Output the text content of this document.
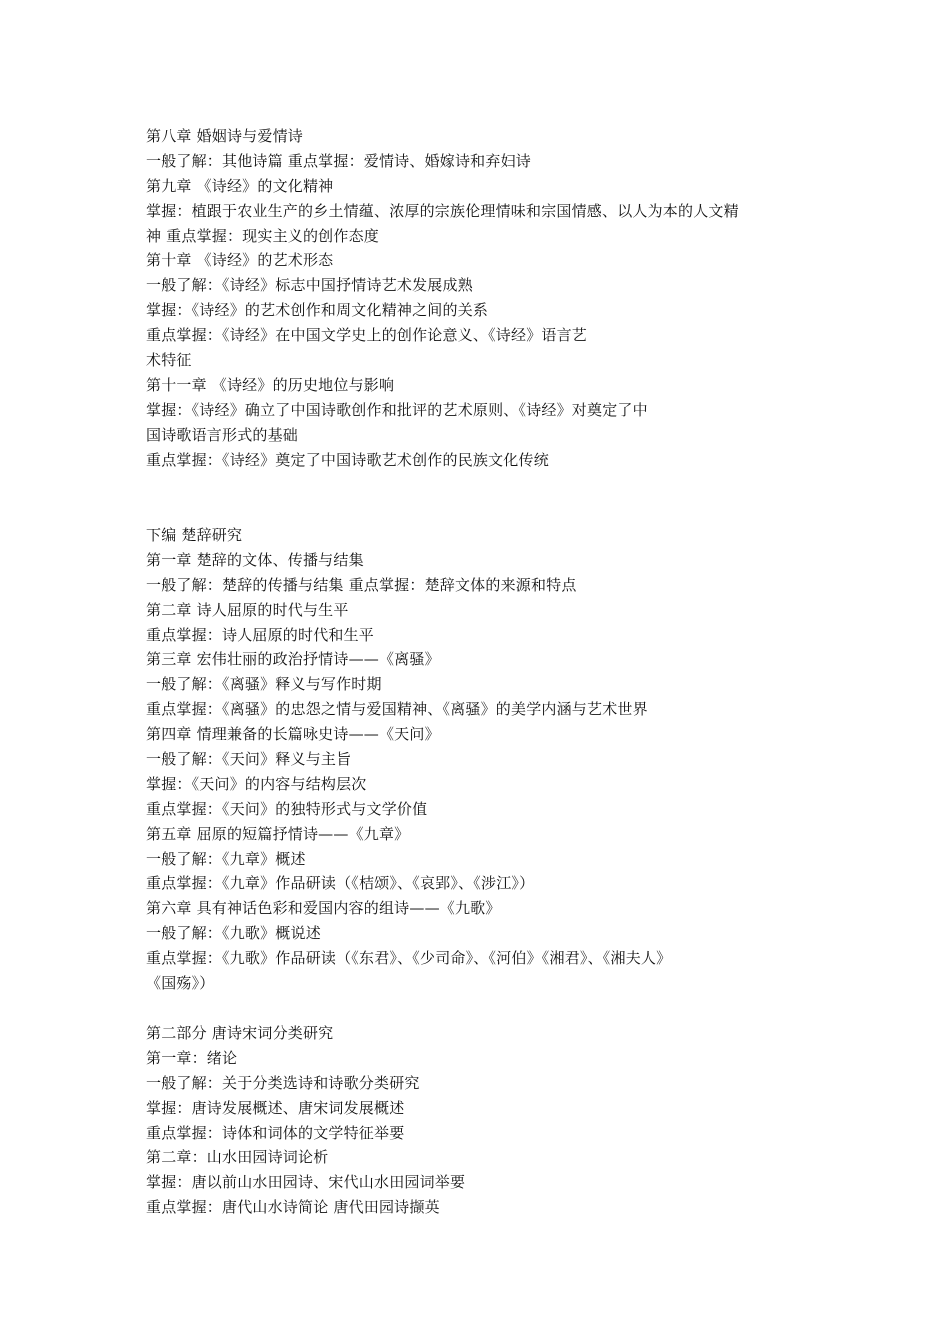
第八章 婚姻诗与爱情诗
一般了解：其他诗篇 重点掌握：爱情诗、婚嫁诗和弃妇诗
第九章 《诗经》的文化精神
掌握：植跟于农业生产的乡土情蕴、浓厚的宗族伦理情味和宗国情感、以人为本的人文精
神 重点掌握：现实主义的创作态度
第十章 《诗经》的艺术形态
一般了解：《诗经》标志中国抒情诗艺术发展成熟
掌握：《诗经》的艺术创作和周文化精神之间的关系
重点掌握：《诗经》在中国文学史上的创作论意义、《诗经》语言艺
术特征
第十一章 《诗经》的历史地位与影响
掌握：《诗经》确立了中国诗歌创作和批评的艺术原则、《诗经》对奠定了中
国诗歌语言形式的基础
重点掌握：《诗经》奠定了中国诗歌艺术创作的民族文化传统
下编 楚辞研究
第一章 楚辞的文体、传播与结集
一般了解：楚辞的传播与结集 重点掌握：楚辞文体的来源和特点
第二章 诗人屈原的时代与生平
重点掌握：诗人屈原的时代和生平
第三章 宏伟壮丽的政治抒情诗——《离骚》
一般了解：《离骚》释义与写作时期
重点掌握：《离骚》的忠怨之情与爱国精神、《离骚》的美学内涵与艺术世界
第四章 情理兼备的长篇咏史诗——《天问》
一般了解：《天问》释义与主旨
掌握：《天问》的内容与结构层次
重点掌握：《天问》的独特形式与文学价值
第五章 屈原的短篇抒情诗——《九章》
一般了解：《九章》概述
重点掌握：《九章》作品研读（《桔颂》、《哀郢》、《涉江》）
第六章 具有神话色彩和爱国内容的组诗——《九歌》
一般了解：《九歌》概说述
重点掌握：《九歌》作品研读（《东君》、《少司命》、《河伯》《湘君》、《湘夫人》
《国殇》）
第二部分 唐诗宋词分类研究
第一章：绪论
一般了解：关于分类选诗和诗歌分类研究
掌握：唐诗发展概述、唐宋词发展概述
重点掌握：诗体和词体的文学特征举要
第二章：山水田园诗词论析
掌握：唐以前山水田园诗、宋代山水田园词举要
重点掌握：唐代山水诗简论 唐代田园诗撷英
